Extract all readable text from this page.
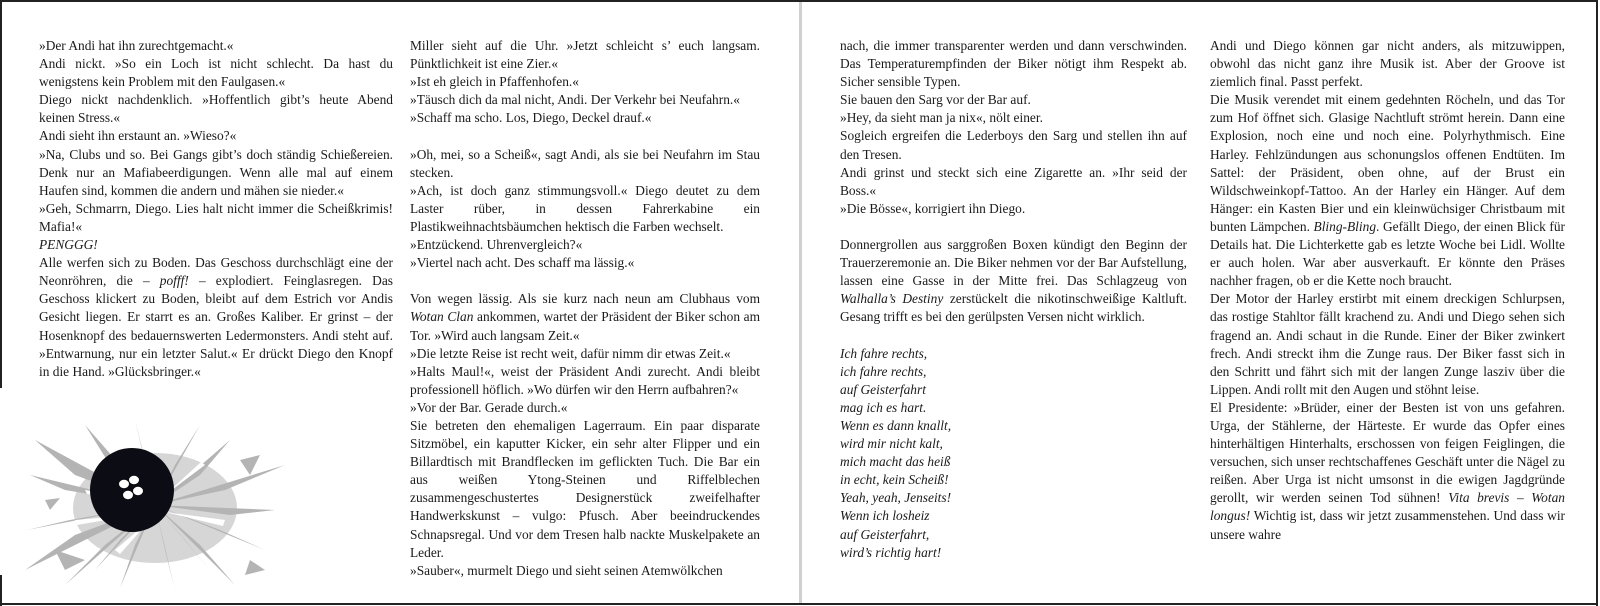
»Der Andi hat ihn zurechtgemacht.«

Andi nickt. »So ein Loch ist nicht schlecht. Da hast du wenigstens kein Problem mit den Faulgasen.«

Diego nickt nachdenklich. »Hoffentlich gibt’s heute Abend keinen Stress.«

Andi sieht ihn erstaunt an. »Wieso?«

»Na, Clubs und so. Bei Gangs gibt’s doch ständig Schießereien. Denk nur an Mafiabeerdigungen. Wenn alle mal auf einem Haufen sind, kommen die andern und mähen sie nieder.«

»Geh, Schmarrn, Diego. Lies halt nicht immer die Scheißkrimis! Mafia!«

PENGGG!

Alle werfen sich zu Boden. Das Geschoss durchschlägt eine der Neonröhren, die – pofff! – explodiert. Feinglasregen. Das Geschoss klickert zu Boden, bleibt auf dem Estrich vor Andis Gesicht liegen. Er starrt es an. Großes Kaliber. Er grinst – der Hosenknopf des bedauernswerten Ledermonsters. Andi steht auf. »Entwarnung, nur ein letzter Salut.« Er drückt Diego den Knopf in die Hand. »Glücksbringer.«

Miller sieht auf die Uhr. »Jetzt schleicht s’ euch langsam. Pünktlichkeit ist eine Zier.«

»Ist eh gleich in Pfaffenhofen.«

»Täusch dich da mal nicht, Andi. Der Verkehr bei Neufahrn.«

»Schaff ma scho. Los, Diego, Deckel drauf.«

»Oh, mei, so a Scheiß«, sagt Andi, als sie bei Neufahrn im Stau stecken.

»Ach, ist doch ganz stimmungsvoll.« Diego deutet zu dem Laster rüber, in dessen Fahrerkabine ein Plastikweihnachtsbäumchen hektisch die Farben wechselt.

»Entzückend. Uhrenvergleich?«

»Viertel nach acht. Des schaff ma lässig.«

Von wegen lässig. Als sie kurz nach neun am Clubhaus vom Wotan Clan ankommen, wartet der Präsident der Biker schon am Tor. »Wird auch langsam Zeit.«

»Die letzte Reise ist recht weit, dafür nimm dir etwas Zeit.«

»Halts Maul!«, weist der Präsident Andi zurecht. Andi bleibt professionell höflich. »Wo dürfen wir den Herrn aufbahren?«

»Vor der Bar. Gerade durch.«

Sie betreten den ehemaligen Lagerraum. Ein paar disparate Sitzmöbel, ein kaputter Kicker, ein sehr alter Flipper und ein Billardtisch mit Brandflecken im geflickten Tuch. Die Bar ein aus weißen Ytong-Steinen und Riffelblechen zusammengeschustertes Designerstück zweifelhafter Handwerkskunst – vulgo: Pfusch. Aber beeindruckendes Schnapsregal. Und vor dem Tresen halb nackte Muskelpakete an Leder.

»Sauber«, murmelt Diego und sieht seinen Atemwölkchen

nach, die immer transparenter werden und dann verschwinden. Das Temperaturempfinden der Biker nötigt ihm Respekt ab. Sicher sensible Typen.

Sie bauen den Sarg vor der Bar auf.

»Hey, da sieht man ja nix«, nölt einer.

Sogleich ergreifen die Lederboys den Sarg und stellen ihn auf den Tresen.

Andi grinst und steckt sich eine Zigarette an. »Ihr seid der Boss.«

»Die Bösse«, korrigiert ihn Diego.

Donnergrollen aus sarggroßen Boxen kündigt den Beginn der Trauerzeremonie an. Die Biker nehmen vor der Bar Aufstellung, lassen eine Gasse in der Mitte frei. Das Schlagzeug von Walhalla’s Destiny zerstückelt die nikotinschweißige Kaltluft. Gesang trifft es bei den gerülpsten Versen nicht wirklich.

Ich fahre rechts,

ich fahre rechts,

auf Geisterfahrt

mag ich es hart.

Wenn es dann knallt,

wird mir nicht kalt,

mich macht das heiß

in echt, kein Scheiß!

Yeah, yeah, Jenseits!

Wenn ich losheiz

auf Geisterfahrt,

wird’s richtig hart!

Andi und Diego können gar nicht anders, als mitzuwippen, obwohl das nicht ganz ihre Musik ist. Aber der Groove ist ziemlich final. Passt perfekt.

Die Musik verendet mit einem gedehnten Röcheln, und das Tor zum Hof öffnet sich. Glasige Nachtluft strömt herein. Dann eine Explosion, noch eine und noch eine. Polyrhythmisch. Eine Harley. Fehlzündungen aus schonungslos offenen Endtüten. Im Sattel: der Präsident, oben ohne, auf der Brust ein Wildschweinkopf-Tattoo. An der Harley ein Hänger. Auf dem Hänger: ein Kasten Bier und ein kleinwüchsiger Christbaum mit bunten Lämpchen. Bling-Bling. Gefällt Diego, der einen Blick für Details hat. Die Lichterkette gab es letzte Woche bei Lidl. Wollte er auch holen. War aber ausverkauft. Er könnte den Präses nachher fragen, ob er die Kette noch braucht.

Der Motor der Harley erstirbt mit einem dreckigen Schlurpsen, das rostige Stahltor fällt krachend zu. Andi und Diego sehen sich fragend an. Andi schaut in die Runde. Einer der Biker zwinkert frech. Andi streckt ihm die Zunge raus. Der Biker fasst sich in den Schritt und fährt sich mit der langen Zunge lasziv über die Lippen. Andi rollt mit den Augen und stöhnt leise.

El Presidente: »Brüder, einer der Besten ist von uns gefahren. Urga, der Stählerne, der Härteste. Er wurde das Opfer eines hinterhältigen Hinterhalts, erschossen von feigen Feiglingen, die versuchen, sich unser rechtschaffenes Geschäft unter die Nägel zu reißen. Aber Urga ist nicht umsonst in die ewigen Jagdgründe gerollt, wir werden seinen Tod sühnen! Vita brevis – Wotan longus! Wichtig ist, dass wir jetzt zusammenstehen. Und dass wir unsere wahre
